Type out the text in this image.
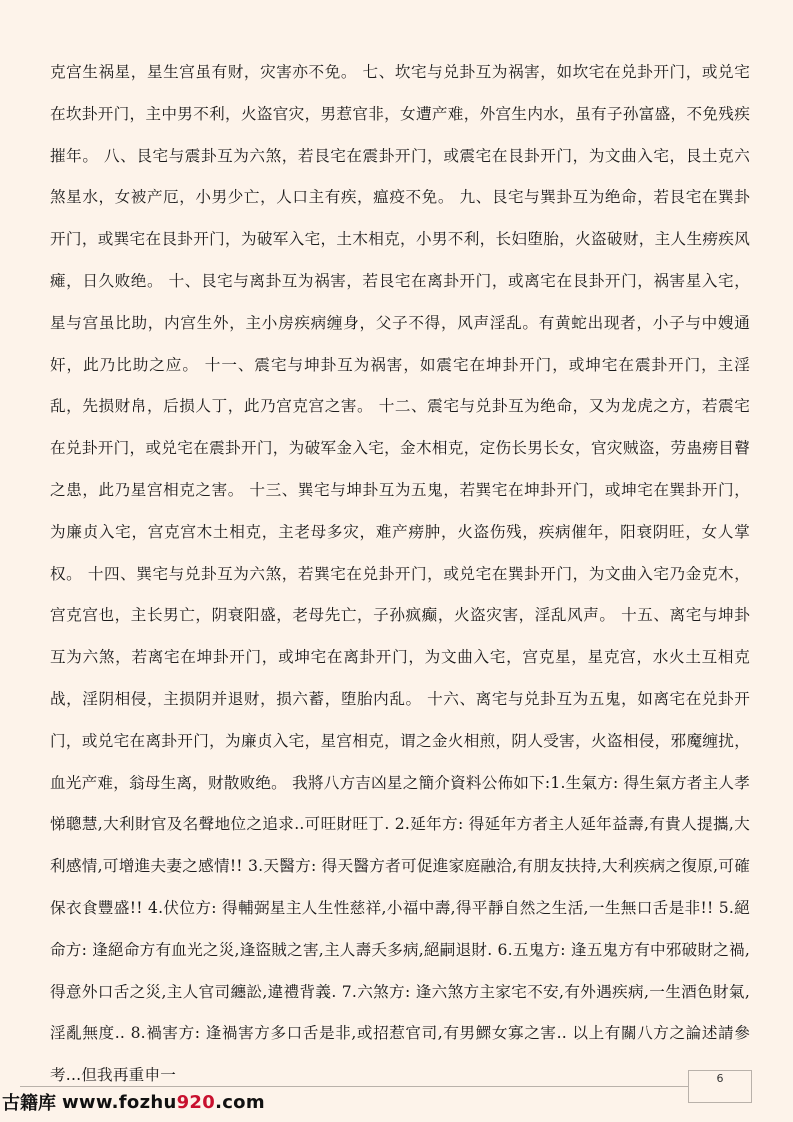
克宫生祸星，星生宫虽有财，灾害亦不免。 七、坎宅与兑卦互为祸害，如坎宅在兑卦开门，或兑宅在坎卦开门，主中男不利，火盗官灾，男惹官非，女遭产难，外宫生内水，虽有子孙富盛，不免残疾摧年。 八、艮宅与震卦互为六煞，若艮宅在震卦开门，或震宅在艮卦开门，为文曲入宅，艮土克六煞星水，女被产厄，小男少亡，人口主有疾，瘟疫不免。 九、艮宅与巽卦互为绝命，若艮宅在巽卦开门，或巽宅在艮卦开门，为破军入宅，土木相克，小男不利，长妇堕胎，火盗破财，主人生痨疾风瘫，日久败绝。 十、艮宅与离卦互为祸害，若艮宅在离卦开门，或离宅在艮卦开门，祸害星入宅，星与宫虽比助，内宫生外，主小房疾病缠身，父子不得，风声淫乱。有黄蛇出现者，小子与中嫂通奸，此乃比助之应。 十一、震宅与坤卦互为祸害，如震宅在坤卦开门，或坤宅在震卦开门，主淫乱，先损财帛，后损人丁，此乃宫克宫之害。 十二、震宅与兑卦互为绝命，又为龙虎之方，若震宅在兑卦开门，或兑宅在震卦开门，为破军金入宅，金木相克，定伤长男长女，官灾贼盗，劳蛊痨目瞽之患，此乃星宫相克之害。 十三、巽宅与坤卦互为五鬼，若巽宅在坤卦开门，或坤宅在巽卦开门，为廉贞入宅，宫克宫木土相克，主老母多灾，难产痨肿，火盗伤残，疾病催年，阳衰阴旺，女人掌权。 十四、巽宅与兑卦互为六煞，若巽宅在兑卦开门，或兑宅在巽卦开门，为文曲入宅乃金克木，宫克宫也，主长男亡，阴衰阳盛，老母先亡，子孙疯癫，火盗灾害，淫乱风声。 十五、离宅与坤卦互为六煞，若离宅在坤卦开门，或坤宅在离卦开门，为文曲入宅，宫克星，星克宫，水火土互相克战，淫阴相侵，主损阴并退财，损六蓄，堕胎内乱。 十六、离宅与兑卦互为五鬼，如离宅在兑卦开门，或兑宅在离卦开门，为廉贞入宅，星宫相克，谓之金火相煎，阴人受害，火盗相侵，邪魔缠扰，血光产难，翁母生离，财散败绝。 我將八方吉凶星之簡介資料公佈如下:1.生氣方: 得生氣方者主人孝悌聰慧,大利財官及名聲地位之追求..可旺財旺丁. 2.延年方: 得延年方者主人延年益壽,有貴人提攜,大利感情,可增進夫妻之感情!! 3.天醫方: 得天醫方者可促進家庭融洽,有朋友扶持,大利疾病之復原,可確保衣食豐盛!! 4.伏位方: 得輔弼星主人生性慈祥,小福中壽,得平靜自然之生活,一生無口舌是非!! 5.絕命方: 逢絕命方有血光之災,逢盜賊之害,主人壽夭多病,絕嗣退財. 6.五鬼方: 逢五鬼方有中邪破財之禍,得意外口舌之災,主人官司纏訟,違禮背義. 7.六煞方: 逢六煞方主家宅不安,有外遇疾病,一生酒色財氣,淫亂無度.. 8.禍害方: 逢禍害方多口舌是非,或招惹官司,有男鰥女寡之害.. 以上有關八方之論述請參考...但我再重申一	6
古籍库 www.fozhu920.com
